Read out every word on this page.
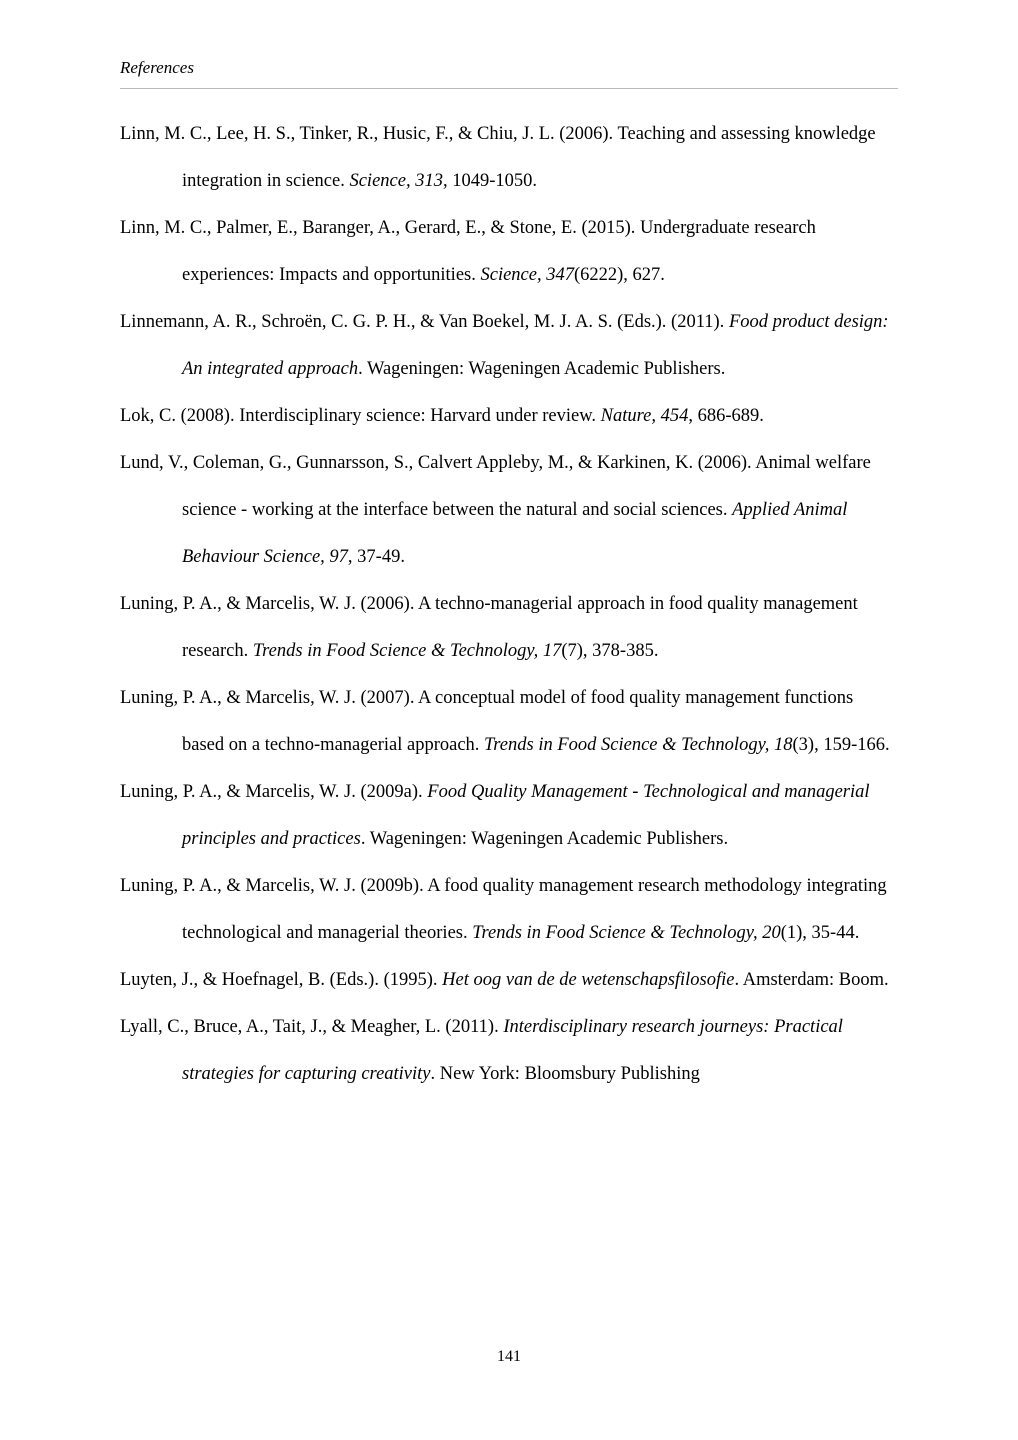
References

Linn, M. C., Lee, H. S., Tinker, R., Husic, F., & Chiu, J. L. (2006). Teaching and assessing knowledge integration in science. Science, 313, 1049-1050.

Linn, M. C., Palmer, E., Baranger, A., Gerard, E., & Stone, E. (2015). Undergraduate research experiences: Impacts and opportunities. Science, 347(6222), 627.

Linnemann, A. R., Schroën, C. G. P. H., & Van Boekel, M. J. A. S. (Eds.). (2011). Food product design: An integrated approach. Wageningen: Wageningen Academic Publishers.

Lok, C. (2008). Interdisciplinary science: Harvard under review. Nature, 454, 686-689.

Lund, V., Coleman, G., Gunnarsson, S., Calvert Appleby, M., & Karkinen, K. (2006). Animal welfare science - working at the interface between the natural and social sciences. Applied Animal Behaviour Science, 97, 37-49.

Luning, P. A., & Marcelis, W. J. (2006). A techno-managerial approach in food quality management research. Trends in Food Science & Technology, 17(7), 378-385.

Luning, P. A., & Marcelis, W. J. (2007). A conceptual model of food quality management functions based on a techno-managerial approach. Trends in Food Science & Technology, 18(3), 159-166.

Luning, P. A., & Marcelis, W. J. (2009a). Food Quality Management - Technological and managerial principles and practices. Wageningen: Wageningen Academic Publishers.

Luning, P. A., & Marcelis, W. J. (2009b). A food quality management research methodology integrating technological and managerial theories. Trends in Food Science & Technology, 20(1), 35-44.

Luyten, J., & Hoefnagel, B. (Eds.). (1995). Het oog van de de wetenschapsfilosofie. Amsterdam: Boom.

Lyall, C., Bruce, A., Tait, J., & Meagher, L. (2011). Interdisciplinary research journeys: Practical strategies for capturing creativity. New York: Bloomsbury Publishing

141
